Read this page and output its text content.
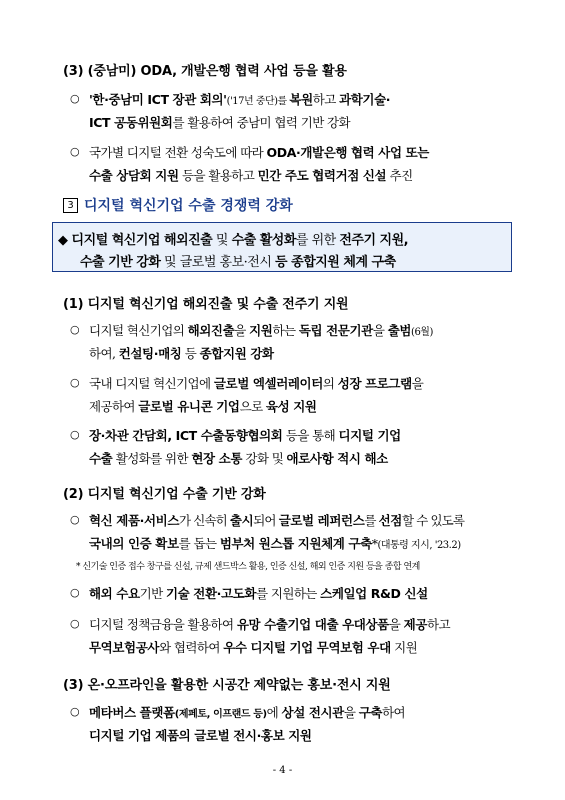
(3) (중남미) ODA, 개발은행 협력 사업 등을 활용
○ '한·중남미 ICT 장관 회의'('17년 중단)를 복원하고 과학기술·
ICT 공동위원회를 활용하여 중남미 협력 기반 강화
○ 국가별 디지털 전환 성숙도에 따라 ODA·개발은행 협력 사업 또는
수출 상담회 지원 등을 활용하고 민간 주도 협력거점 신설 추진
3 디지털 혁신기업 수출 경쟁력 강화
◆ 디지털 혁신기업 해외진출 및 수출 활성화를 위한 전주기 지원,
수출 기반 강화 및 글로벌 홍보·전시 등 종합지원 체계 구축
(1) 디지털 혁신기업 해외진출 및 수출 전주기 지원
○ 디지털 혁신기업의 해외진출을 지원하는 독립 전문기관을 출범(6월)
하여, 컨설팅·매칭 등 종합지원 강화
○ 국내 디지털 혁신기업에 글로벌 엑셀러레이터의 성장 프로그램을
제공하여 글로벌 유니콘 기업으로 육성 지원
○ 장·차관 간담회, ICT 수출동향협의회 등을 통해 디지털 기업
수출 활성화를 위한 현장 소통 강화 및 애로사항 적시 해소
(2) 디지털 혁신기업 수출 기반 강화
○ 혁신 제품·서비스가 신속히 출시되어 글로벌 레퍼런스를 선점할 수 있도록
국내의 인증 확보를 돕는 범부처 원스톱 지원체계 구축*(대통령 지시, '23.2)
* 신기술 인증 접수 창구를 신설, 규제 샌드박스 활용, 인증 신설, 해외 인증 지원 등을 종합 연계
○ 해외 수요기반 기술 전환·고도화를 지원하는 스케일업 R&D 신설
○ 디지털 정책금융을 활용하여 유망 수출기업 대출 우대상품을 제공하고
무역보험공사와 협력하여 우수 디지털 기업 무역보험 우대 지원
(3) 온·오프라인을 활용한 시공간 제약없는 홍보·전시 지원
○ 메타버스 플랫폼(제페토, 이프랜드 등)에 상설 전시관을 구축하여
디지털 기업 제품의 글로벌 전시·홍보 지원
- 4 -
